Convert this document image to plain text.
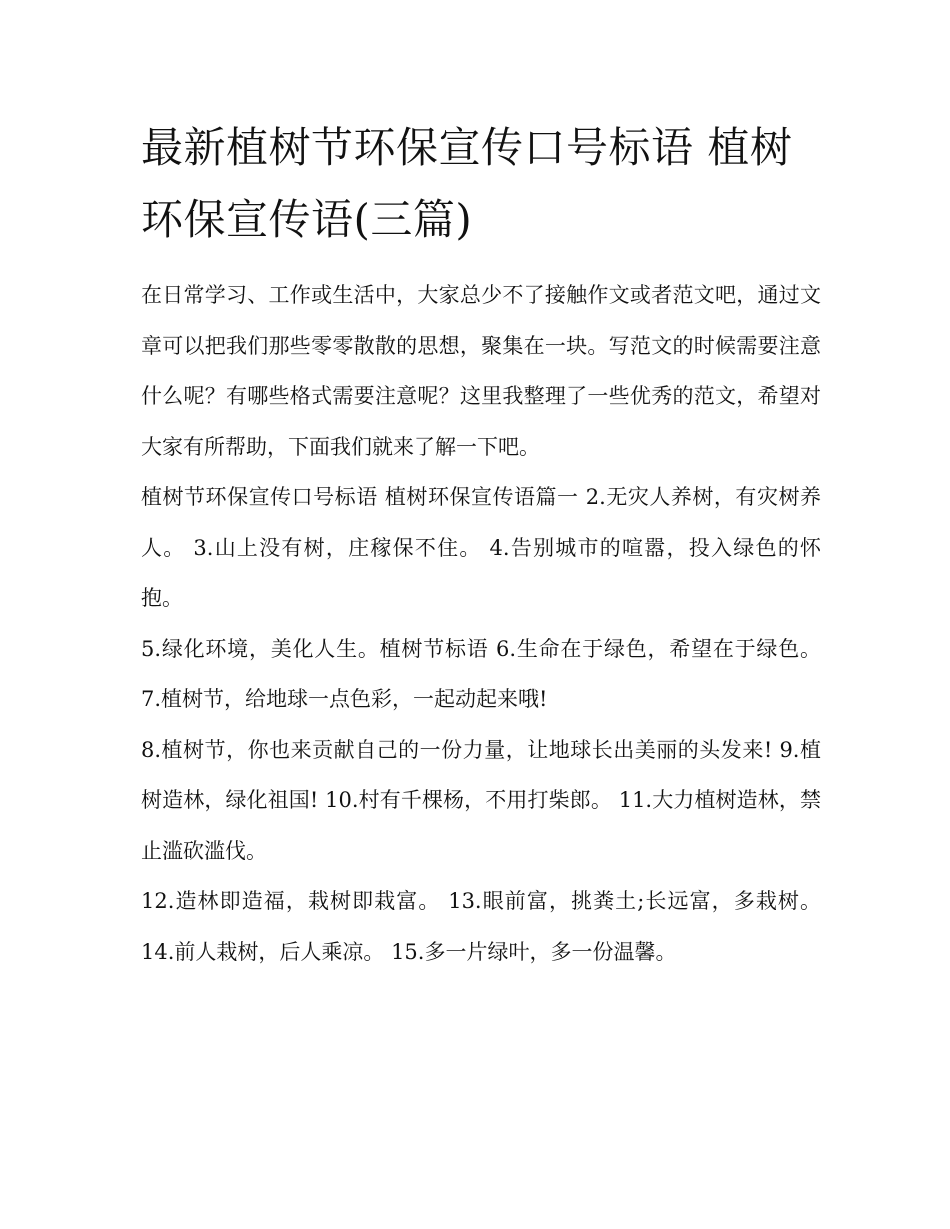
最新植树节环保宣传口号标语 植树环保宣传语(三篇)

在日常学习、工作或生活中，大家总少不了接触作文或者范文吧，通过文章可以把我们那些零零散散的思想，聚集在一块。写范文的时候需要注意什么呢？有哪些格式需要注意呢？这里我整理了一些优秀的范文，希望对大家有所帮助，下面我们就来了解一下吧。

植树节环保宣传口号标语 植树环保宣传语篇一 2.无灾人养树，有灾树养人。 3.山上没有树，庄稼保不住。 4.告别城市的喧嚣，投入绿色的怀抱。

5.绿化环境，美化人生。植树节标语 6.生命在于绿色，希望在于绿色。 7.植树节，给地球一点色彩，一起动起来哦!

8.植树节，你也来贡献自己的一份力量，让地球长出美丽的头发来! 9.植树造林，绿化祖国! 10.村有千棵杨，不用打柴郎。 11.大力植树造林，禁止滥砍滥伐。

12.造林即造福，栽树即栽富。 13.眼前富，挑粪土;长远富，多栽树。 14.前人栽树，后人乘凉。 15.多一片绿叶，多一份温馨。
